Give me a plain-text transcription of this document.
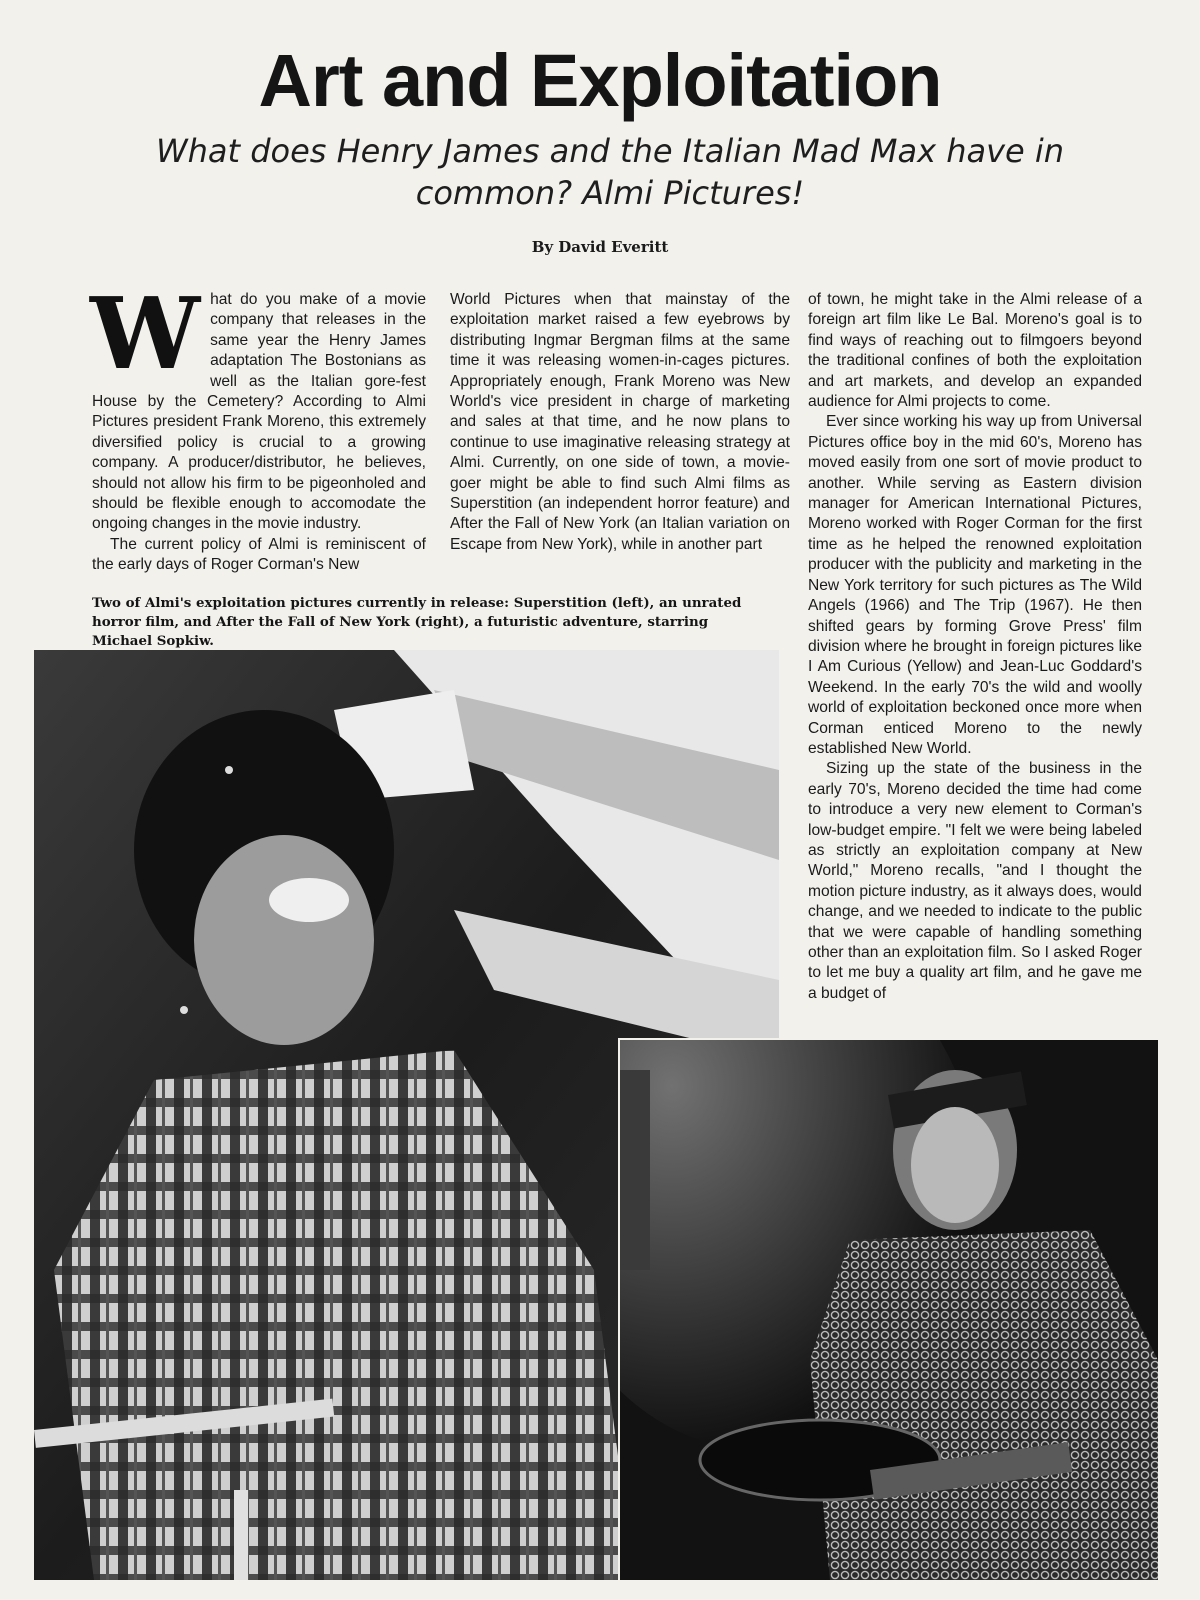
Art and Exploitation
What does Henry James and the Italian Mad Max have in common? Almi Pictures!
By David Everitt
W hat do you make of a movie company that releases in the same year the Henry James adaptation The Bostonians as well as the Italian gore-fest House by the Cemetery? According to Almi Pictures president Frank Moreno, this extremely diversified policy is crucial to a growing company. A producer/distributor, he believes, should not allow his firm to be pigeonholed and should be flexible enough to accomodate the ongoing changes in the movie industry.

The current policy of Almi is reminiscent of the early days of Roger Corman's New

World Pictures when that mainstay of the exploitation market raised a few eyebrows by distributing Ingmar Bergman films at the same time it was releasing women-in-cages pictures. Appropriately enough, Frank Moreno was New World's vice president in charge of marketing and sales at that time, and he now plans to continue to use imaginative releasing strategy at Almi. Currently, on one side of town, a movie-goer might be able to find such Almi films as Superstition (an independent horror feature) and After the Fall of New York (an Italian variation on Escape from New York), while in another part

of town, he might take in the Almi release of a foreign art film like Le Bal. Moreno's goal is to find ways of reaching out to filmgoers beyond the traditional confines of both the exploitation and art markets, and develop an expanded audience for Almi projects to come.

Ever since working his way up from Universal Pictures office boy in the mid 60's, Moreno has moved easily from one sort of movie product to another. While serving as Eastern division manager for American International Pictures, Moreno worked with Roger Corman for the first time as he helped the renowned exploitation producer with the publicity and marketing in the New York territory for such pictures as The Wild Angels (1966) and The Trip (1967). He then shifted gears by forming Grove Press' film division where he brought in foreign pictures like I Am Curious (Yellow) and Jean-Luc Goddard's Weekend. In the early 70's the wild and woolly world of exploitation beckoned once more when Corman enticed Moreno to the newly established New World.

Sizing up the state of the business in the early 70's, Moreno decided the time had come to introduce a very new element to Corman's low-budget empire. "I felt we were being labeled as strictly an exploitation company at New World," Moreno recalls, "and I thought the motion picture industry, as it always does, would change, and we needed to indicate to the public that we were capable of handling something other than an exploitation film. So I asked Roger to let me buy a quality art film, and he gave me a budget of

Two of Almi's exploitation pictures currently in release: Superstition (left), an unrated horror film, and After the Fall of New York (right), a futuristic adventure, starring Michael Sopkiw.
